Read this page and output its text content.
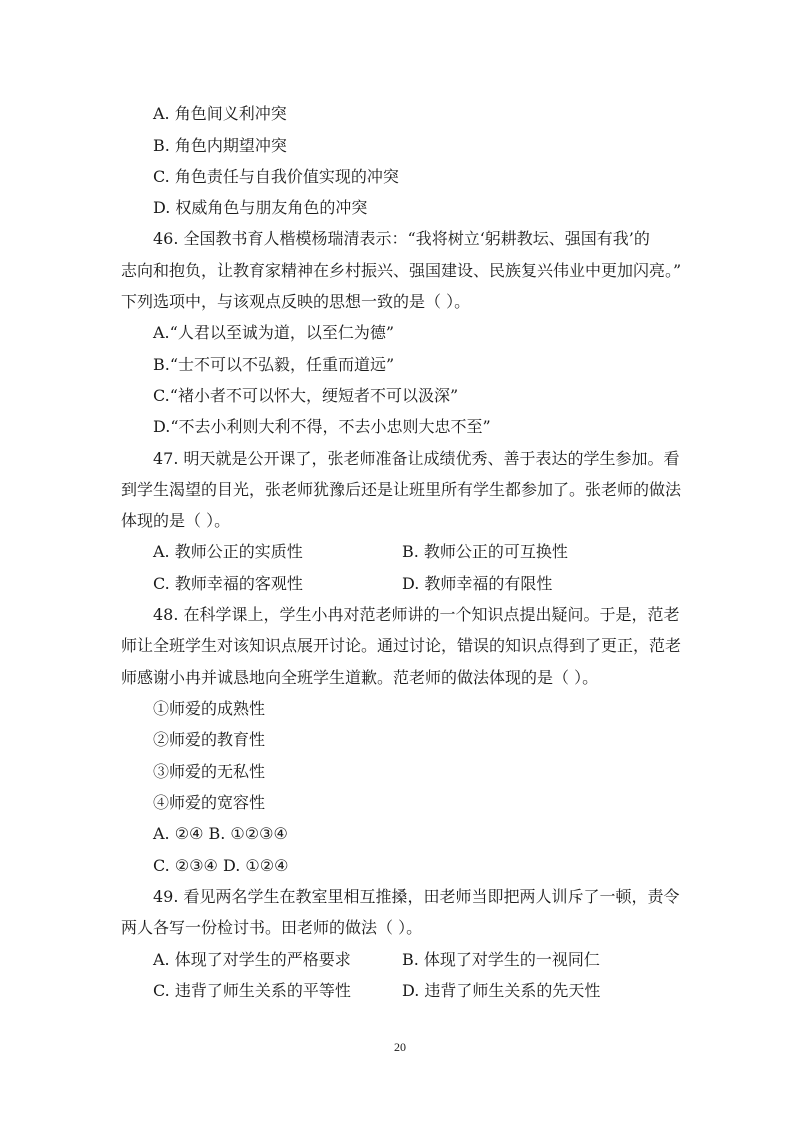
A. 角色间义利冲突
B. 角色内期望冲突
C. 角色责任与自我价值实现的冲突
D. 权威角色与朋友角色的冲突
46. 全国教书育人楷模杨瑞清表示：“我将树立‘躬耕教坛、强国有我’的
志向和抱负，让教育家精神在乡村振兴、强国建设、民族复兴伟业中更加闪亮。”
下列选项中，与该观点反映的思想一致的是（ ）。
A.“人君以至诚为道，以至仁为德”
B.“士不可以不弘毅，任重而道远”
C.“褚小者不可以怀大，绠短者不可以汲深”
D.“不去小利则大利不得，不去小忠则大忠不至”
47. 明天就是公开课了，张老师准备让成绩优秀、善于表达的学生参加。看
到学生渴望的目光，张老师犹豫后还是让班里所有学生都参加了。张老师的做法
体现的是（ ）。
A. 教师公正的实质性	B. 教师公正的可互换性
C. 教师幸福的客观性	D. 教师幸福的有限性
48. 在科学课上，学生小冉对范老师讲的一个知识点提出疑问。于是，范老
师让全班学生对该知识点展开讨论。通过讨论，错误的知识点得到了更正，范老
师感谢小冉并诚恳地向全班学生道歉。范老师的做法体现的是（ ）。
①师爱的成熟性
②师爱的教育性
③师爱的无私性
④师爱的宽容性
A. ②④ B. ①②③④
C. ②③④ D. ①②④
49. 看见两名学生在教室里相互推搡，田老师当即把两人训斥了一顿，责令
两人各写一份检讨书。田老师的做法（ ）。
A. 体现了对学生的严格要求	B. 体现了对学生的一视同仁
C. 违背了师生关系的平等性	D. 违背了师生关系的先天性
20
